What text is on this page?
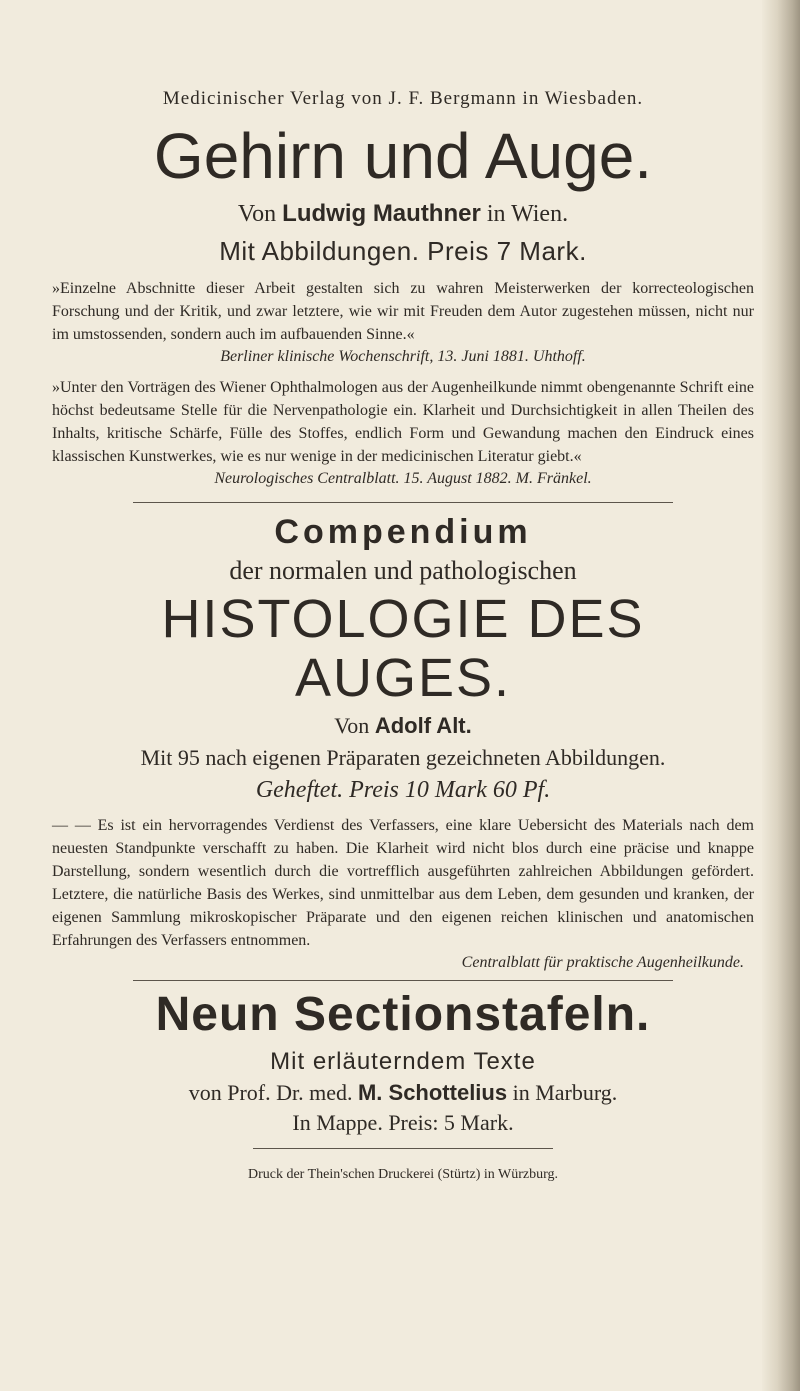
Medicinischer Verlag von J. F. Bergmann in Wiesbaden.
Gehirn und Auge.
Von Ludwig Mauthner in Wien.
Mit Abbildungen. Preis 7 Mark.
»Einzelne Abschnitte dieser Arbeit gestalten sich zu wahren Meisterwerken der korrecteologischen Forschung und der Kritik, und zwar letztere, wie wir mit Freuden dem Autor zugestehen müssen, nicht nur im umstossenden, sondern auch im aufbauenden Sinne.«
Berliner klinische Wochenschrift, 13. Juni 1881. Uhthoff.
»Unter den Vorträgen des Wiener Ophthalmologen aus der Augenheilkunde nimmt obengenannte Schrift eine höchst bedeutsame Stelle für die Nervenpathologie ein. Klarheit und Durchsichtigkeit in allen Theilen des Inhalts, kritische Schärfe, Fülle des Stoffes, endlich Form und Gewandung machen den Eindruck eines klassischen Kunstwerkes, wie es nur wenige in der medicinischen Literatur giebt.«
Neurologisches Centralblatt. 15. August 1882. M. Fränkel.
Compendium
der normalen und pathologischen
HISTOLOGIE DES AUGES.
Von Adolf Alt.
Mit 95 nach eigenen Präparaten gezeichneten Abbildungen.
Geheftet. Preis 10 Mark 60 Pf.
— — Es ist ein hervorragendes Verdienst des Verfassers, eine klare Uebersicht des Materials nach dem neuesten Standpunkte verschafft zu haben. Die Klarheit wird nicht blos durch eine präcise und knappe Darstellung, sondern wesentlich durch die vortrefflich ausgeführten zahlreichen Abbildungen gefördert. Letztere, die natürliche Basis des Werkes, sind unmittelbar aus dem Leben, dem gesunden und kranken, der eigenen Sammlung mikroskopischer Präparate und den eigenen reichen klinischen und anatomischen Erfahrungen des Verfassers entnommen.
Centralblatt für praktische Augenheilkunde.
Neun Sectionstafeln.
Mit erläuterndem Texte
von Prof. Dr. med. M. Schottelius in Marburg.
In Mappe. Preis: 5 Mark.
Druck der Thein'schen Druckerei (Stürtz) in Würzburg.
